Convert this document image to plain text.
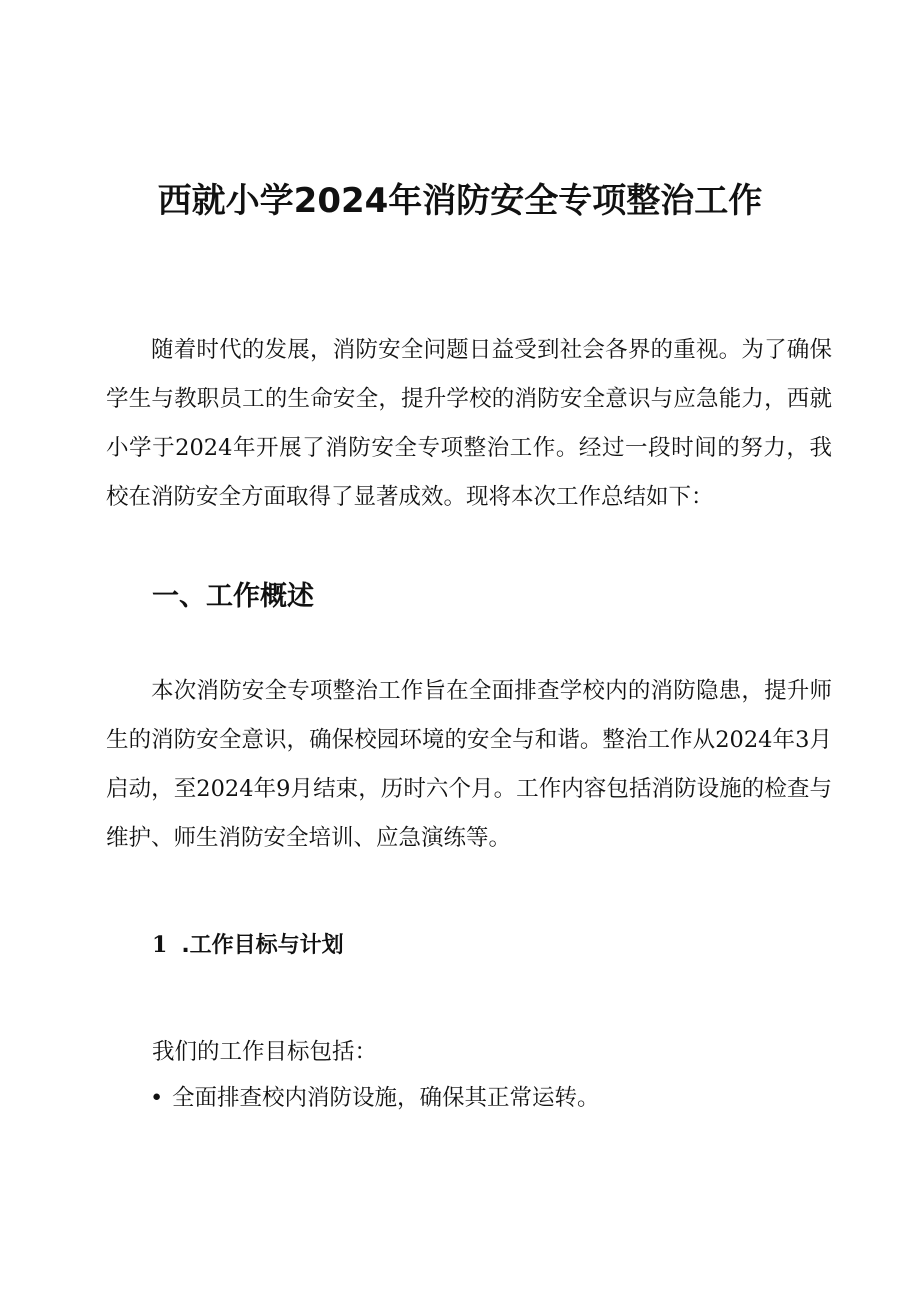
西就小学2024年消防安全专项整治工作

随着时代的发展，消防安全问题日益受到社会各界的重视。为了确保学生与教职员工的生命安全，提升学校的消防安全意识与应急能力，西就小学于2024年开展了消防安全专项整治工作。经过一段时间的努力，我校在消防安全方面取得了显著成效。现将本次工作总结如下：

一、工作概述

本次消防安全专项整治工作旨在全面排查学校内的消防隐患，提升师生的消防安全意识，确保校园环境的安全与和谐。整治工作从2024年3月启动，至2024年9月结束，历时六个月。工作内容包括消防设施的检查与维护、师生消防安全培训、应急演练等。

1 .工作目标与计划

我们的工作目标包括：

• 全面排查校内消防设施，确保其正常运转。
